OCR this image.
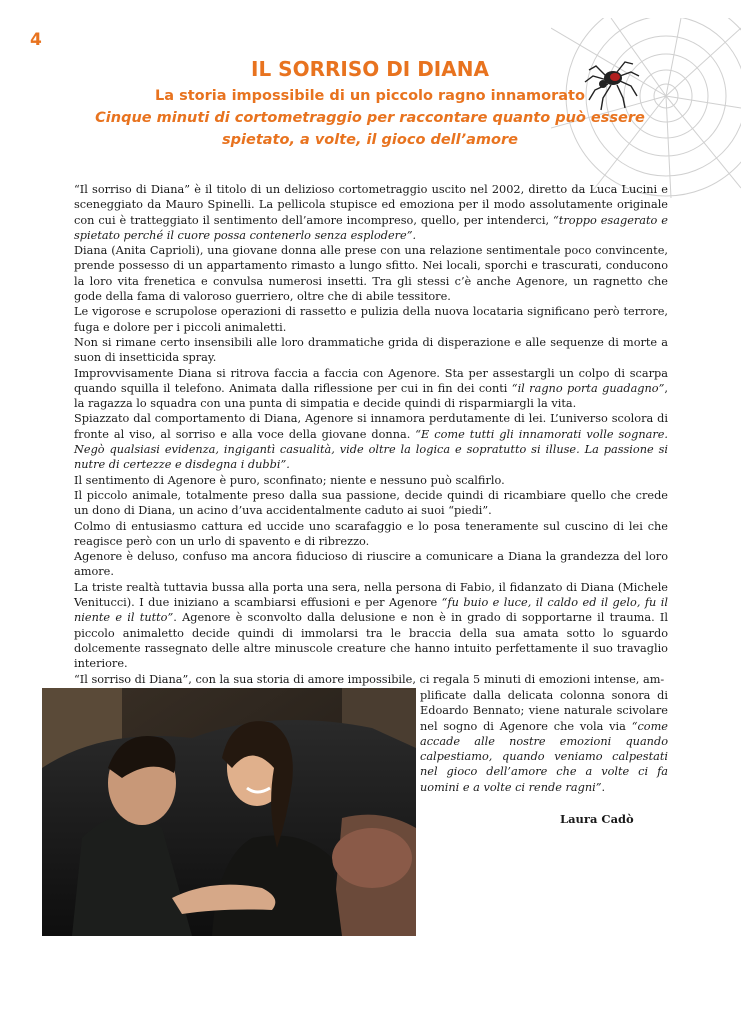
4
IL SORRISO DI DIANA
La storia impossibile di un piccolo ragno innamorato
Cinque minuti di cortometraggio per raccontare quanto può essere
spietato, a volte, il gioco dell’amore

“Il sorriso di Diana” è il titolo di un delizioso cortometraggio uscito nel 2002, diretto da Luca Lucini e sceneggiato da Mauro Spinelli. La pellicola stupisce ed emoziona per il modo assolutamente originale con cui è tratteggiato il sentimento dell’amore incompreso, quello, per intenderci, “troppo esagerato e spietato perché il cuore possa contenerlo senza esplodere”.

Diana (Anita Caprioli), una giovane donna alle prese con una relazione sentimentale poco convincente, prende possesso di un appartamento rimasto a lungo sfitto. Nei locali, sporchi e trascurati, conducono la loro vita frenetica e convulsa numerosi insetti. Tra gli stessi c’è anche Agenore, un ragnetto che gode della fama di valoroso guerriero, oltre che di abile tessitore.

Le vigorose e scrupolose operazioni di rassetto e pulizia della nuova locataria significano però terrore, fuga e dolore per i piccoli animaletti.

Non si rimane certo insensibili alle loro drammatiche grida di disperazione e alle sequenze di morte a suon di insetticida spray.

Improvvisamente Diana si ritrova faccia a faccia con Agenore. Sta per assestargli un colpo di scarpa quando squilla il telefono. Animata dalla riflessione per cui in fin dei conti “il ragno porta guadagno”, la ragazza lo squadra con una punta di simpatia e decide quindi di risparmiargli la vita.

Spiazzato dal comportamento di Diana, Agenore si innamora perdutamente di lei. L’universo scolora di fronte al viso, al sorriso e alla voce della giovane donna. “E come tutti gli innamorati volle sognare. Negò qualsiasi evidenza, ingigantì casualità, vide oltre la logica e sopratutto si illuse. La passione si nutre di certezze e disdegna i dubbi”.

Il sentimento di Agenore è puro, sconfinato; niente e nessuno può scalfirlo.

Il piccolo animale, totalmente preso dalla sua passione, decide quindi di ricambiare quello che crede un dono di Diana, un acino d’uva accidentalmente caduto ai suoi “piedi”.

Colmo di entusiasmo cattura ed uccide uno scarafaggio e lo posa teneramente sul cuscino di lei che reagisce però con un urlo di spavento e di ribrezzo.

Agenore è deluso, confuso ma ancora fiducioso di riuscire a comunicare a Diana la grandezza del loro amore.

La triste realtà tuttavia bussa alla porta una sera, nella persona di Fabio, il fidanzato di Diana (Michele Venitucci). I due iniziano a scambiarsi effusioni e per Agenore “fu buio e luce, il caldo ed il gelo, fu il niente e il tutto”. Agenore è sconvolto dalla delusione e non è in grado di sopportarne il trauma. Il piccolo animaletto decide quindi di immolarsi tra le braccia della sua amata sotto lo sguardo dolcemente rassegnato delle altre minuscole creature che hanno intuito perfettamente il suo travaglio interiore.

“Il sorriso di Diana”, con la sua storia di amore impossibile, ci regala 5 minuti di emozioni intense, am-

plificate dalla delicata colonna sonora di Edoardo Bennato; viene naturale scivolare nel sogno di Agenore che vola via “come accade alle nostre emozioni quando calpestiamo, quando veniamo calpestati nel gioco dell’amore che a volte ci fa uomini e a volte ci rende ragni”.
Laura Cadò
